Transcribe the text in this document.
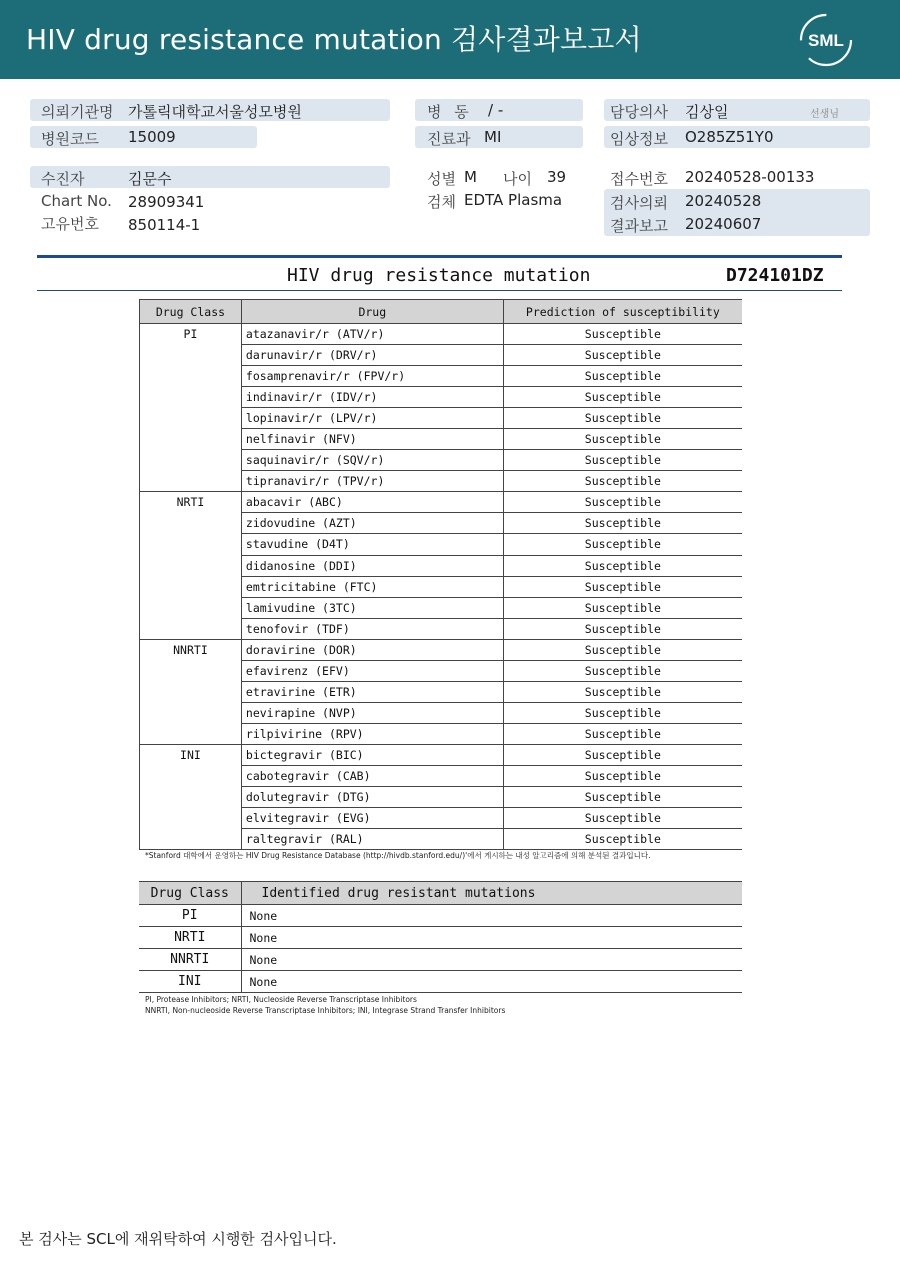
HIV drug resistance mutation 검사결과보고서	SML
의뢰기관명 가톨릭대학교서울성모병원
병원코드 15009
병 동 / -
진료과 MI
담당의사 김상일	선생님
임상정보 O285Z51Y0
수진자	김문수
Chart No. 28909341
고유번호 850114-1
성별 M 나이 39
검체 EDTA Plasma
접수번호 20240528-00133
검사의뢰 20240528
결과보고 20240607
HIV drug resistance mutation	D724101DZ
Drug Class	Drug	Prediction of susceptibility
PI	atazanavir/r (ATV/r)	Susceptible
	darunavir/r (DRV/r)	Susceptible
	fosamprenavir/r (FPV/r)	Susceptible
	indinavir/r (IDV/r)	Susceptible
	lopinavir/r (LPV/r)	Susceptible
	nelfinavir (NFV)	Susceptible
	saquinavir/r (SQV/r)	Susceptible
	tipranavir/r (TPV/r)	Susceptible
NRTI	abacavir (ABC)	Susceptible
	zidovudine (AZT)	Susceptible
	stavudine (D4T)	Susceptible
	didanosine (DDI)	Susceptible
	emtricitabine (FTC)	Susceptible
	lamivudine (3TC)	Susceptible
	tenofovir (TDF)	Susceptible
NNRTI	doravirine (DOR)	Susceptible
	efavirenz (EFV)	Susceptible
	etravirine (ETR)	Susceptible
	nevirapine (NVP)	Susceptible
	rilpivirine (RPV)	Susceptible
INI	bictegravir (BIC)	Susceptible
	cabotegravir (CAB)	Susceptible
	dolutegravir (DTG)	Susceptible
	elvitegravir (EVG)	Susceptible
	raltegravir (RAL)	Susceptible
*Stanford 대학에서 운영하는 HIV Drug Resistance Database (http://hivdb.stanford.edu/)'에서 게시하는 내성 알고리즘에 의해 분석된 결과입니다.
Drug Class	Identified drug resistant mutations
PI	None
NRTI	None
NNRTI	None
INI	None
PI, Protease Inhibitors; NRTI, Nucleoside Reverse Transcriptase Inhibitors
NNRTI, Non-nucleoside Reverse Transcriptase Inhibitors; INI, Integrase Strand Transfer Inhibitors
본 검사는 SCL에 재위탁하여 시행한 검사입니다.
